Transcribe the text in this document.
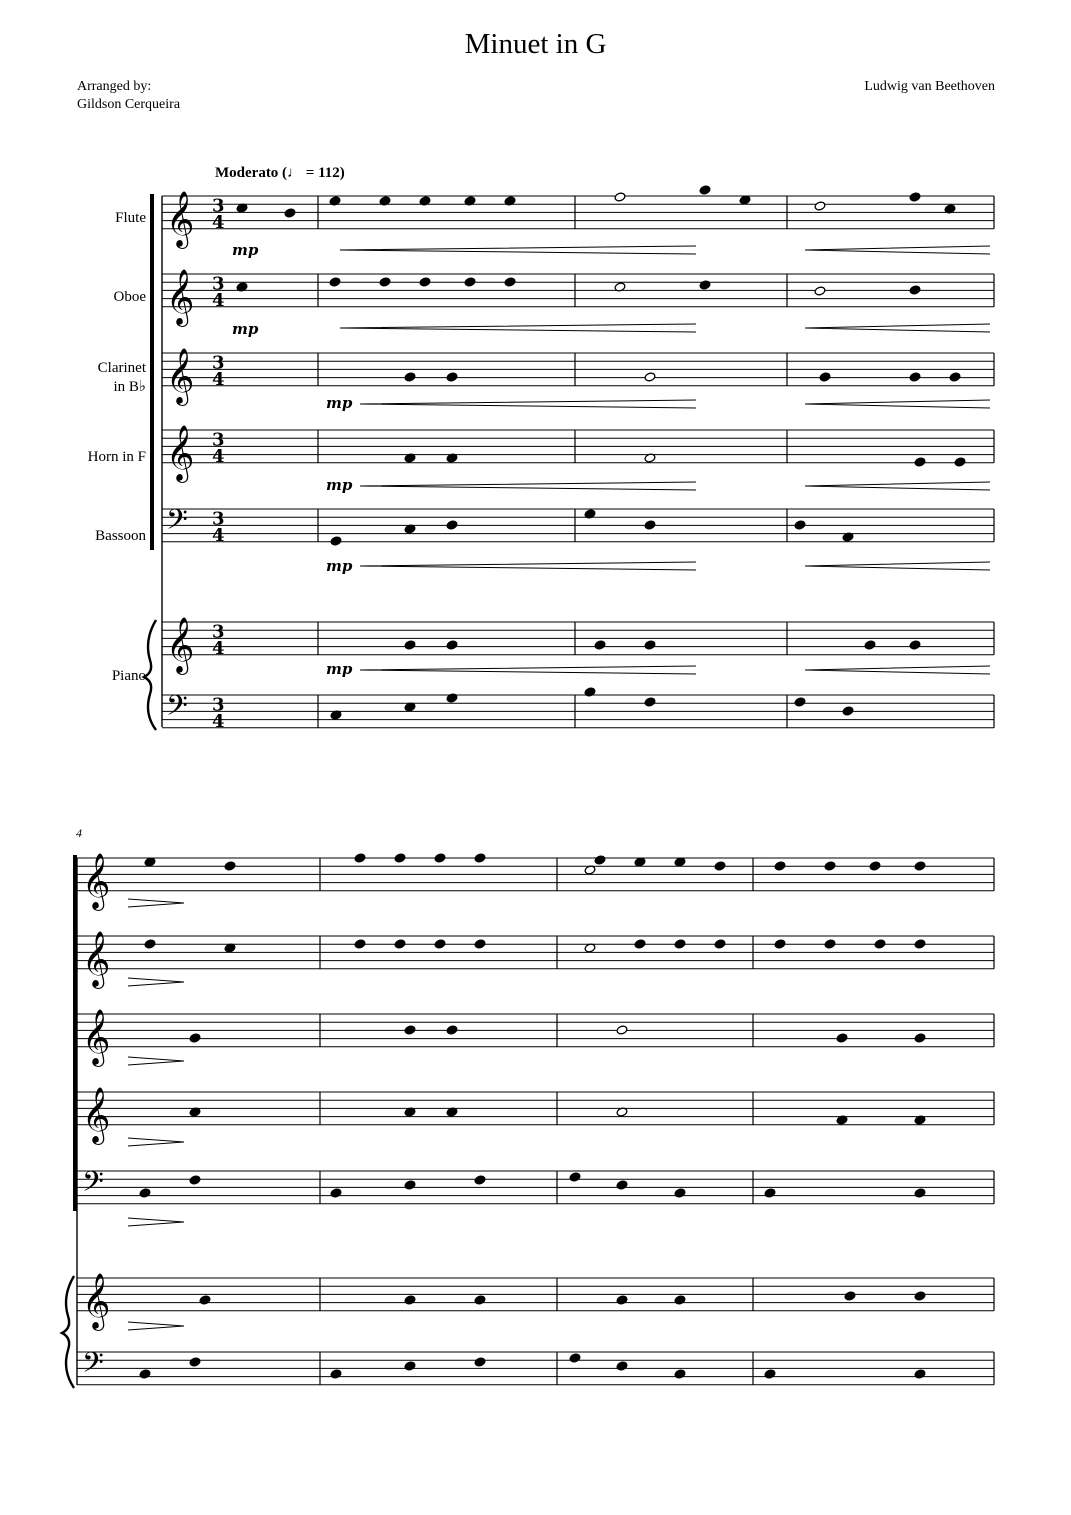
Minuet in G
Arranged by:
Gildson Cerqueira
Ludwig van Beethoven
Moderato (♩ = 112)
Flute
Oboe
Clarinet
in B♭
Horn in F
Bassoon
Piano
4
𝄞
𝄞
𝄞
𝄞
𝄢
𝄞
𝄢
𝄞
𝄞
𝄞
𝄞
𝄢
𝄞
𝄢
3
4
3
4
3
4
3
4
3
4
3
4
3
4
mp
mp
mp
mp
mp
mp
